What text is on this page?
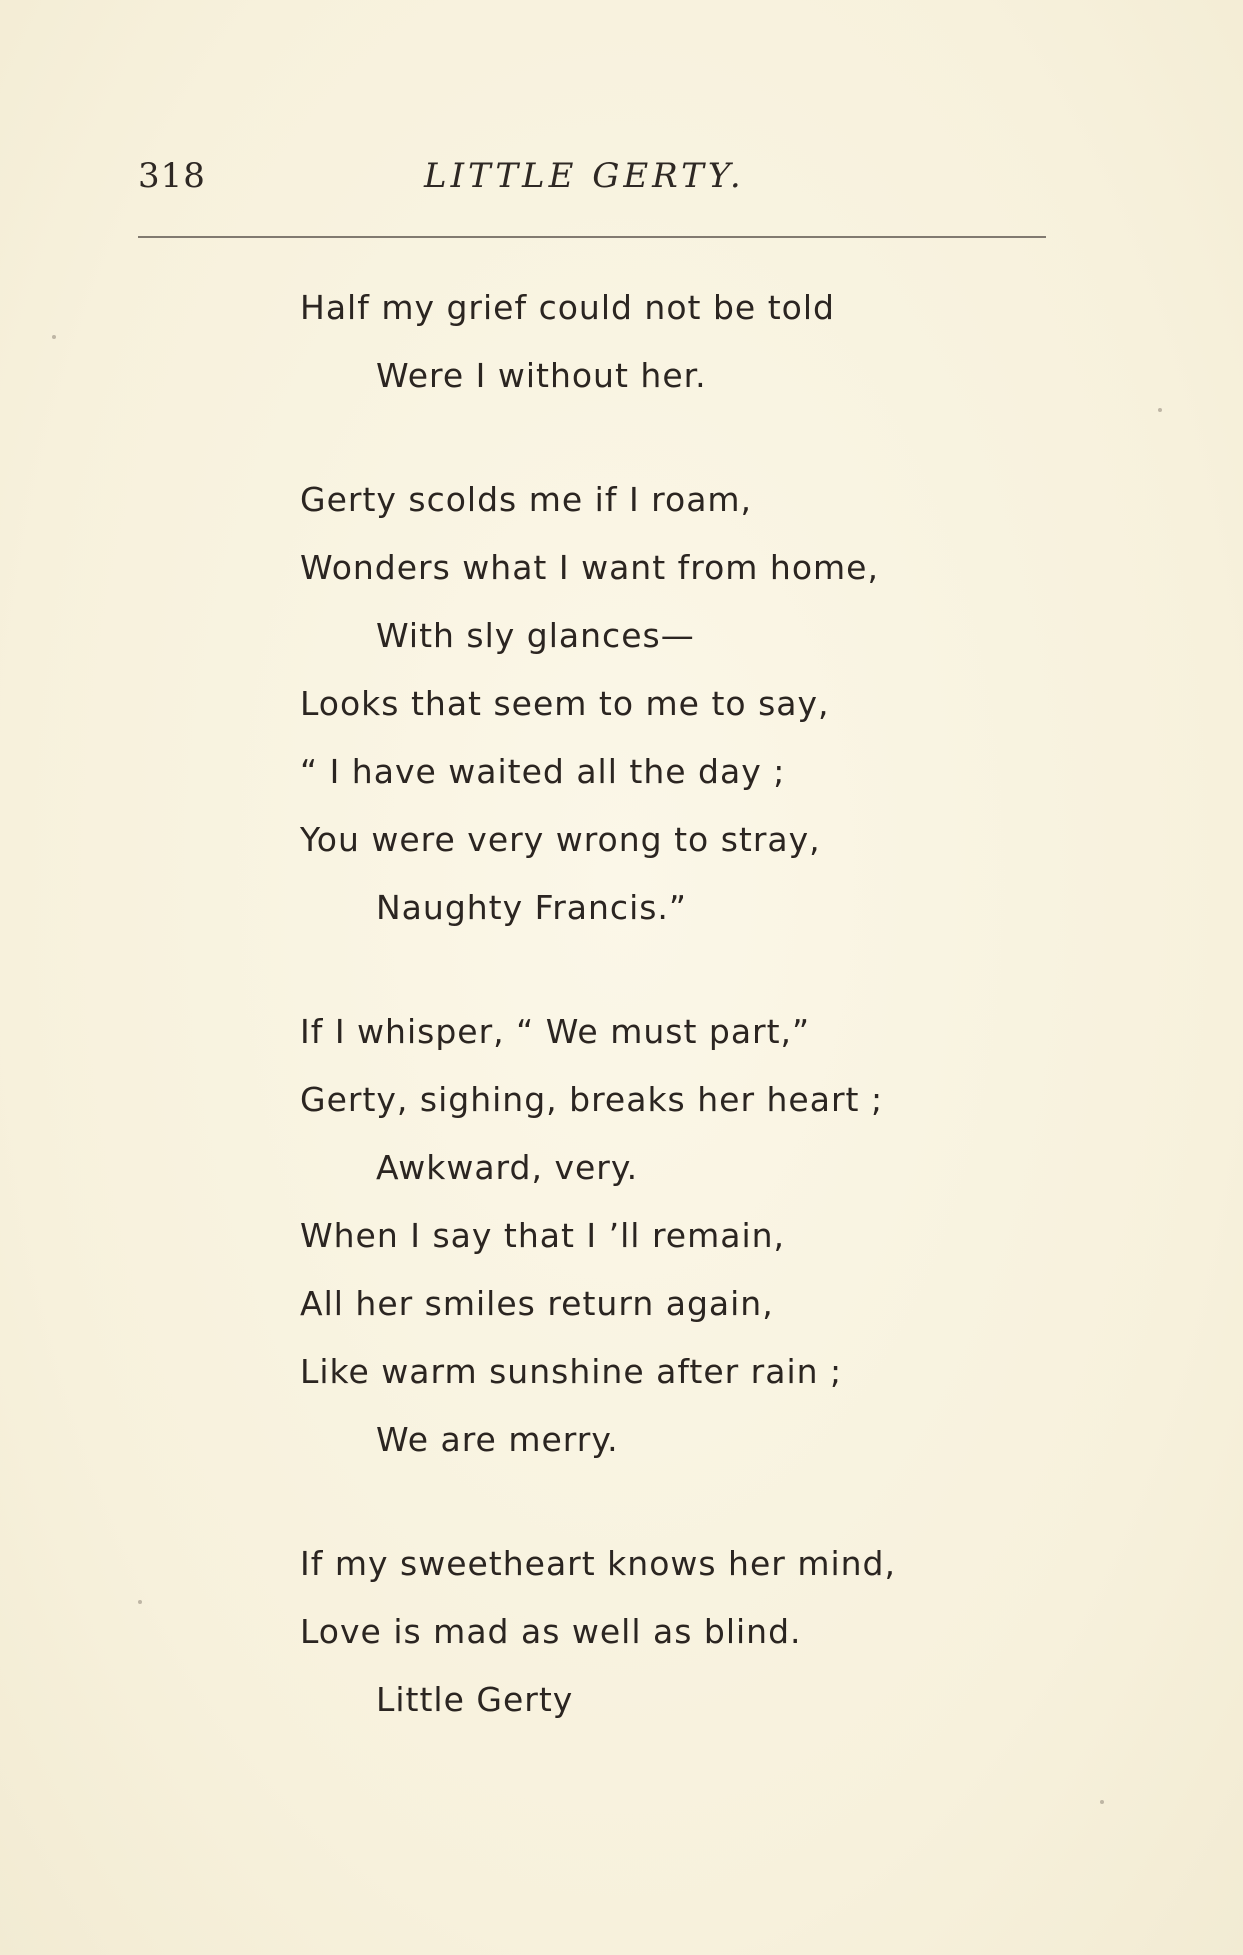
318	LITTLE GERTY.
Half my grief could not be told
Were I without her.
Gerty scolds me if I roam,
Wonders what I want from home,
With sly glances—
Looks that seem to me to say,
“ I have waited all the day ;
You were very wrong to stray,
Naughty Francis.”
If I whisper, “ We must part,”
Gerty, sighing, breaks her heart ;
Awkward, very.
When I say that I ’ll remain,
All her smiles return again,
Like warm sunshine after rain ;
We are merry.
If my sweetheart knows her mind,
Love is mad as well as blind.
Little Gerty
